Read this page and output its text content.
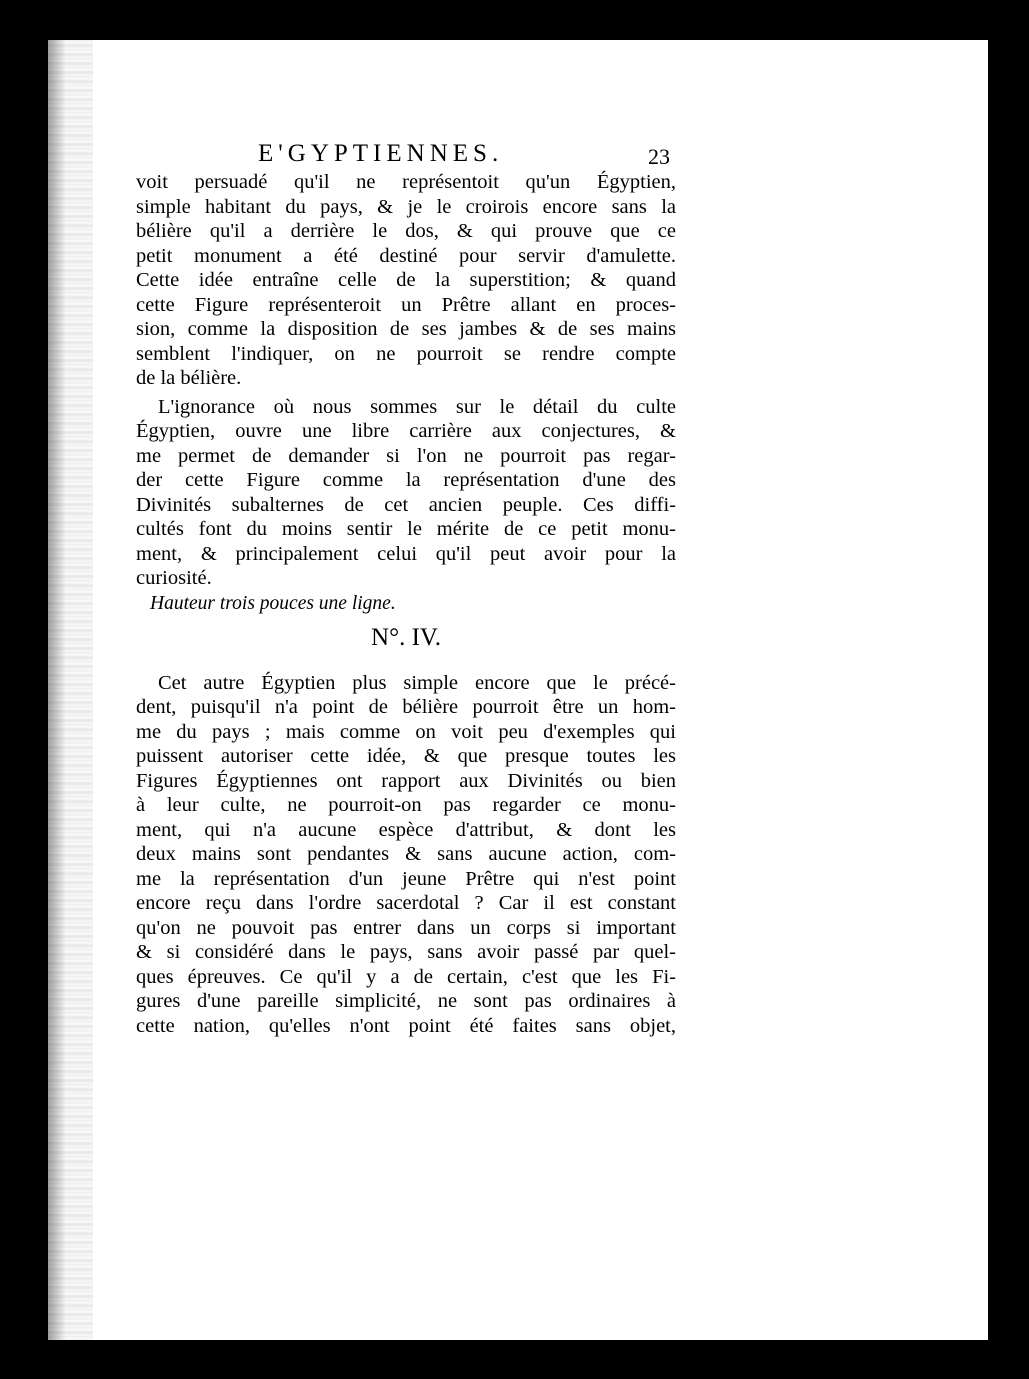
E'GYPTIENNES.	23
voit persuadé qu'il ne représentoit qu'un Égyptien,
simple habitant du pays, & je le croirois encore sans la
bélière qu'il a derrière le dos, & qui prouve que ce
petit monument a été destiné pour servir d'amulette.
Cette idée entraîne celle de la superstition; & quand
cette Figure représenteroit un Prêtre allant en proces-
sion, comme la disposition de ses jambes & de ses mains
semblent l'indiquer, on ne pourroit se rendre compte
de la bélière.
L'ignorance où nous sommes sur le détail du culte
Égyptien, ouvre une libre carrière aux conjectures, &
me permet de demander si l'on ne pourroit pas regar-
der cette Figure comme la représentation d'une des
Divinités subalternes de cet ancien peuple. Ces diffi-
cultés font du moins sentir le mérite de ce petit monu-
ment, & principalement celui qu'il peut avoir pour la
curiosité.
Hauteur trois pouces une ligne.
N°. IV.
Cet autre Égyptien plus simple encore que le précé-
dent, puisqu'il n'a point de bélière pourroit être un hom-
me du pays ; mais comme on voit peu d'exemples qui
puissent autoriser cette idée, & que presque toutes les
Figures Égyptiennes ont rapport aux Divinités ou bien
à leur culte, ne pourroit-on pas regarder ce monu-
ment, qui n'a aucune espèce d'attribut, & dont les
deux mains sont pendantes & sans aucune action, com-
me la représentation d'un jeune Prêtre qui n'est point
encore reçu dans l'ordre sacerdotal ? Car il est constant
qu'on ne pouvoit pas entrer dans un corps si important
& si considéré dans le pays, sans avoir passé par quel-
ques épreuves. Ce qu'il y a de certain, c'est que les Fi-
gures d'une pareille simplicité, ne sont pas ordinaires à
cette nation, qu'elles n'ont point été faites sans objet,
